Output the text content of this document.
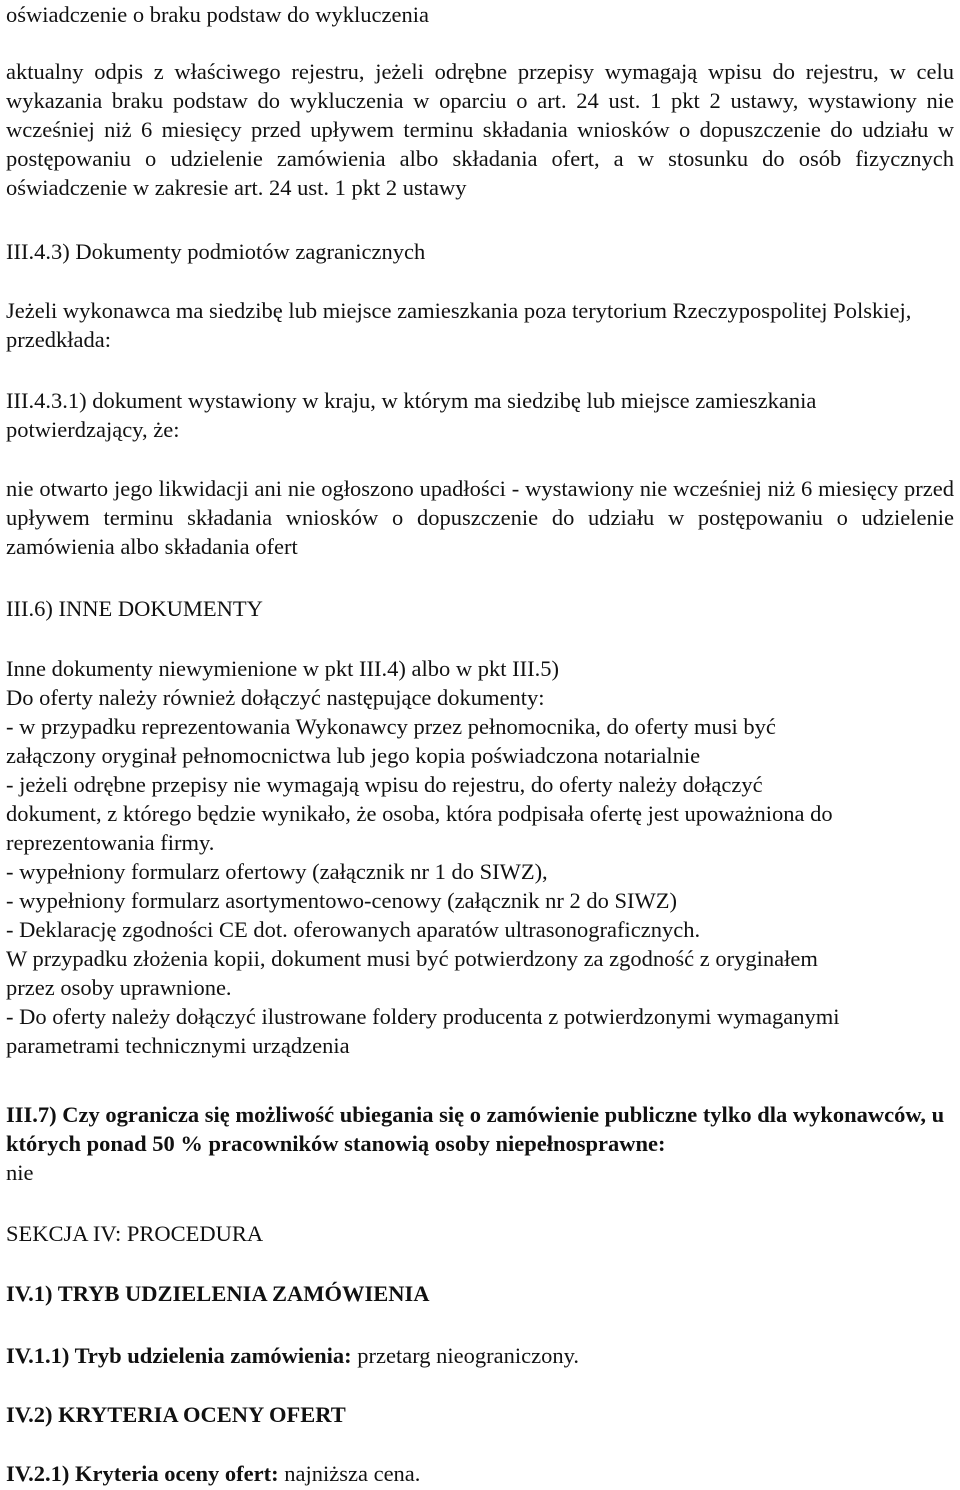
oświadczenie o braku podstaw do wykluczenia

aktualny odpis z właściwego rejestru, jeżeli odrębne przepisy wymagają wpisu do rejestru, w celu wykazania braku podstaw do wykluczenia w oparciu o art. 24 ust. 1 pkt 2 ustawy, wystawiony nie wcześniej niż 6 miesięcy przed upływem terminu składania wniosków o dopuszczenie do udziału w postępowaniu o udzielenie zamówienia albo składania ofert, a w stosunku do osób fizycznych oświadczenie w zakresie art. 24 ust. 1 pkt 2 ustawy

III.4.3) Dokumenty podmiotów zagranicznych

Jeżeli wykonawca ma siedzibę lub miejsce zamieszkania poza terytorium Rzeczypospolitej Polskiej, przedkłada:

III.4.3.1) dokument wystawiony w kraju, w którym ma siedzibę lub miejsce zamieszkania potwierdzający, że:

nie otwarto jego likwidacji ani nie ogłoszono upadłości - wystawiony nie wcześniej niż 6 miesięcy przed upływem terminu składania wniosków o dopuszczenie do udziału w postępowaniu o udzielenie zamówienia albo składania ofert

III.6) INNE DOKUMENTY

Inne dokumenty niewymienione w pkt III.4) albo w pkt III.5)
Do oferty należy również dołączyć następujące dokumenty:
- w przypadku reprezentowania Wykonawcy przez pełnomocnika, do oferty musi być
załączony oryginał pełnomocnictwa lub jego kopia poświadczona notarialnie
- jeżeli odrębne przepisy nie wymagają wpisu do rejestru, do oferty należy dołączyć
dokument, z którego będzie wynikało, że osoba, która podpisała ofertę jest upoważniona do
reprezentowania firmy.
- wypełniony formularz ofertowy (załącznik nr 1 do SIWZ),
- wypełniony formularz asortymentowo-cenowy (załącznik nr 2 do SIWZ)
- Deklarację zgodności CE dot. oferowanych aparatów ultrasonograficznych.
W przypadku złożenia kopii, dokument musi być potwierdzony za zgodność z oryginałem
przez osoby uprawnione.
- Do oferty należy dołączyć ilustrowane foldery producenta z potwierdzonymi wymaganymi
parametrami technicznymi urządzenia
III.7) Czy ogranicza się możliwość ubiegania się o zamówienie publiczne tylko dla wykonawców, u których ponad 50 % pracowników stanowią osoby niepełnosprawne:
nie

SEKCJA IV: PROCEDURA

IV.1) TRYB UDZIELENIA ZAMÓWIENIA

IV.1.1) Tryb udzielenia zamówienia: przetarg nieograniczony.

IV.2) KRYTERIA OCENY OFERT

IV.2.1) Kryteria oceny ofert: najniższa cena.
